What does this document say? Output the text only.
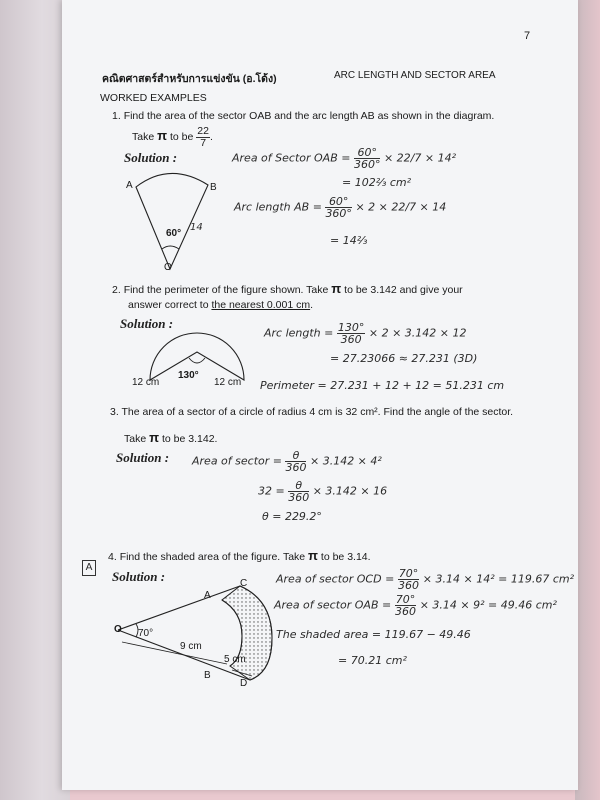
7
คณิตศาสตร์สำหรับการแข่งขัน (อ.โด้ง)	ARC LENGTH AND SECTOR AREA
WORKED EXAMPLES
1. Find the area of the sector OAB and the arc length AB as shown in the diagram.
Take π to be $\frac{22}{7}$ .
Solution :
A	B
O
60°
14
Area of Sector OAB = $\frac{60^\circ}{360^\circ} \times 22/7 \times 14^2$
= 102⅔ cm²
Arc length AB = $\frac{60^\circ}{360^\circ} \times 2 \times 22/7 \times 14$
= 14⅔
2. Find the perimeter of the figure shown. Take π to be 3.142 and give your
answer correct to the nearest 0.001 cm.
Solution :
12 cm	12 cm
130°
Arc length = $\frac{130^\circ}{360} \times 2 \times 3.142 \times 12$
= 27.23066 ≈ 27.231 (3D)
Perimeter = 27.231 + 12 + 12 = 51.231 cm
3. The area of a sector of a circle of radius 4 cm is 32 cm². Find the angle of the sector.
Take π to be 3.142.
Solution : Area of sector = $\frac{\theta}{360} \times 3.142 \times 4^2$
$32 = \frac{\theta}{360} \times 3.142 \times 16$
θ = 229.2°
4. Find the shaded area of the figure. Take π to be 3.14.
A
Solution :
O
A
C
B
D
70°
9 cm
5 cm
Area of sector OCD = $\frac{70^\circ}{360} \times 3.14 \times 14^2 = 119.67$ cm²
Area of sector OAB = $\frac{70^\circ}{360} \times 3.14 \times 9^2 = 49.46$ cm²
The shaded area = 119.67 − 49.46
= 70.21 cm²
